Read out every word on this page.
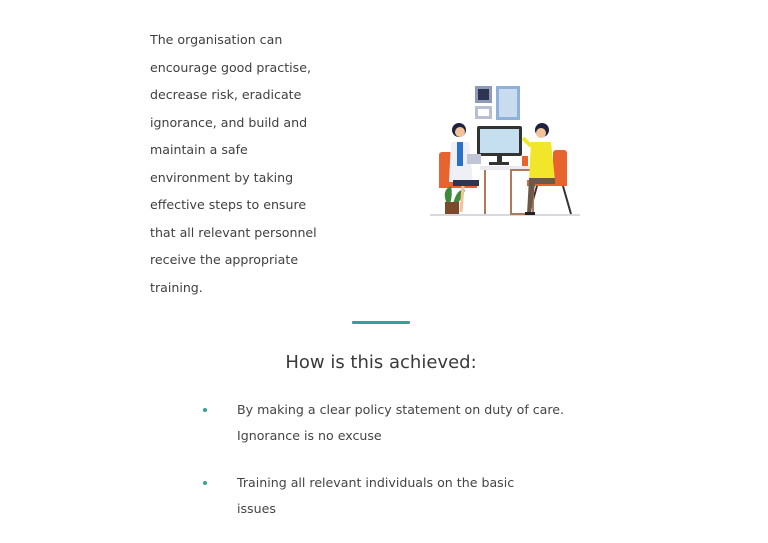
The organisation can
encourage good practise,
decrease risk, eradicate
ignorance, and build and
maintain a safe
environment by taking
effective steps to ensure
that all relevant personnel
receive the appropriate
training.
How is this achieved:
By making a clear policy statement on duty of care. Ignorance is no excuse
Training all relevant individuals on the basic issues
